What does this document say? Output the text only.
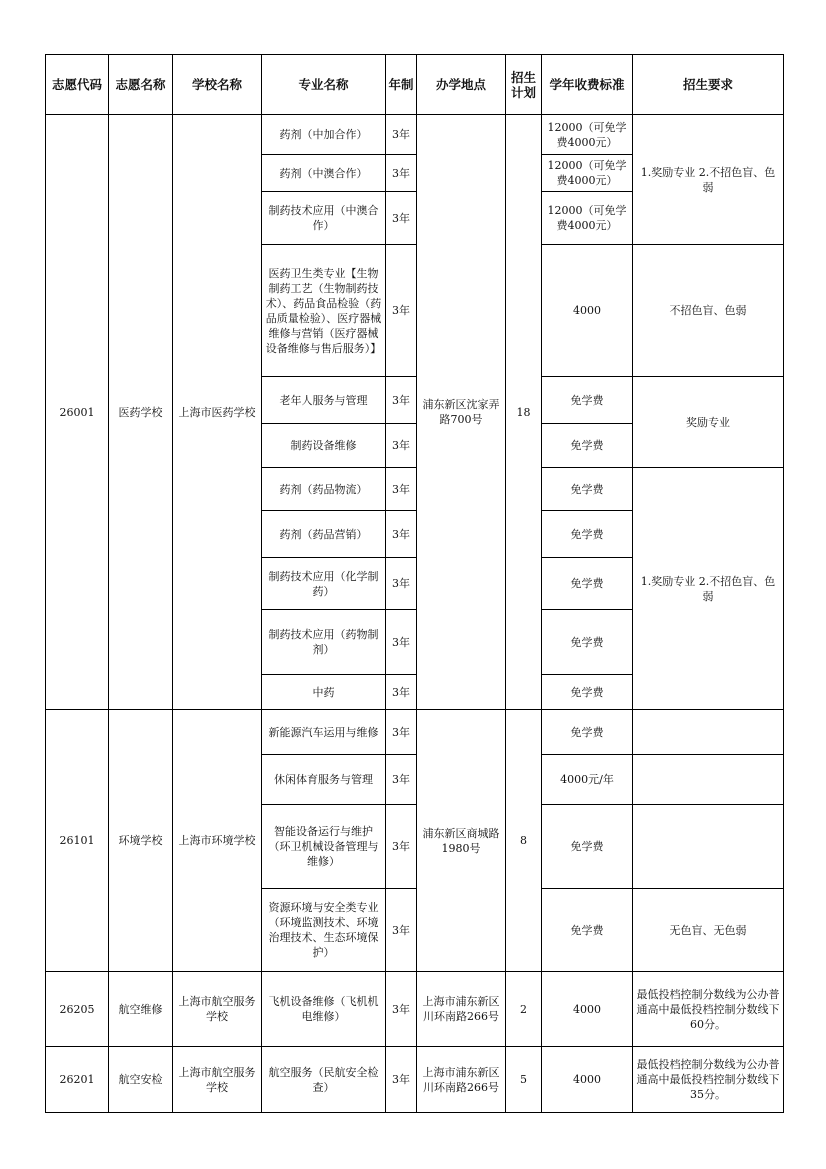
志愿代码	志愿名称	学校名称	专业名称	年制	办学地点	招生计划	学年收费标准	招生要求
26001	医药学校	上海市医药学校	药剂（中加合作）	3年	浦东新区沈家弄路700号	18	12000（可免学费4000元）	1.奖励专业 2.不招色盲、色弱
			药剂（中澳合作）	3年			12000（可免学费4000元）	
			制药技术应用（中澳合作）	3年			12000（可免学费4000元）	
			医药卫生类专业【生物制药工艺（生物制药技术）、药品食品检验（药品质量检验）、医疗器械维修与营销（医疗器械设备维修与售后服务）】	3年			4000	不招色盲、色弱
			老年人服务与管理	3年			免学费	奖励专业
			制药设备维修	3年			免学费	
			药剂（药品物流）	3年			免学费	1.奖励专业 2.不招色盲、色弱
			药剂（药品营销）	3年			免学费	
			制药技术应用（化学制药）	3年			免学费	
			制药技术应用（药物制剂）	3年			免学费	
			中药	3年			免学费	
26101	环境学校	上海市环境学校	新能源汽车运用与维修	3年	浦东新区商城路1980号	8	免学费	
			休闲体育服务与管理	3年			4000元/年	
			智能设备运行与维护（环卫机械设备管理与维修）	3年			免学费	
			资源环境与安全类专业（环境监测技术、环境治理技术、生态环境保护）	3年			免学费	无色盲、无色弱
26205	航空维修	上海市航空服务学校	飞机设备维修（飞机机电维修）	3年	上海市浦东新区川环南路266号	2	4000	最低投档控制分数线为公办普通高中最低投档控制分数线下60分。
26201	航空安检	上海市航空服务学校	航空服务（民航安全检查）	3年	上海市浦东新区川环南路266号	5	4000	最低投档控制分数线为公办普通高中最低投档控制分数线下35分。
